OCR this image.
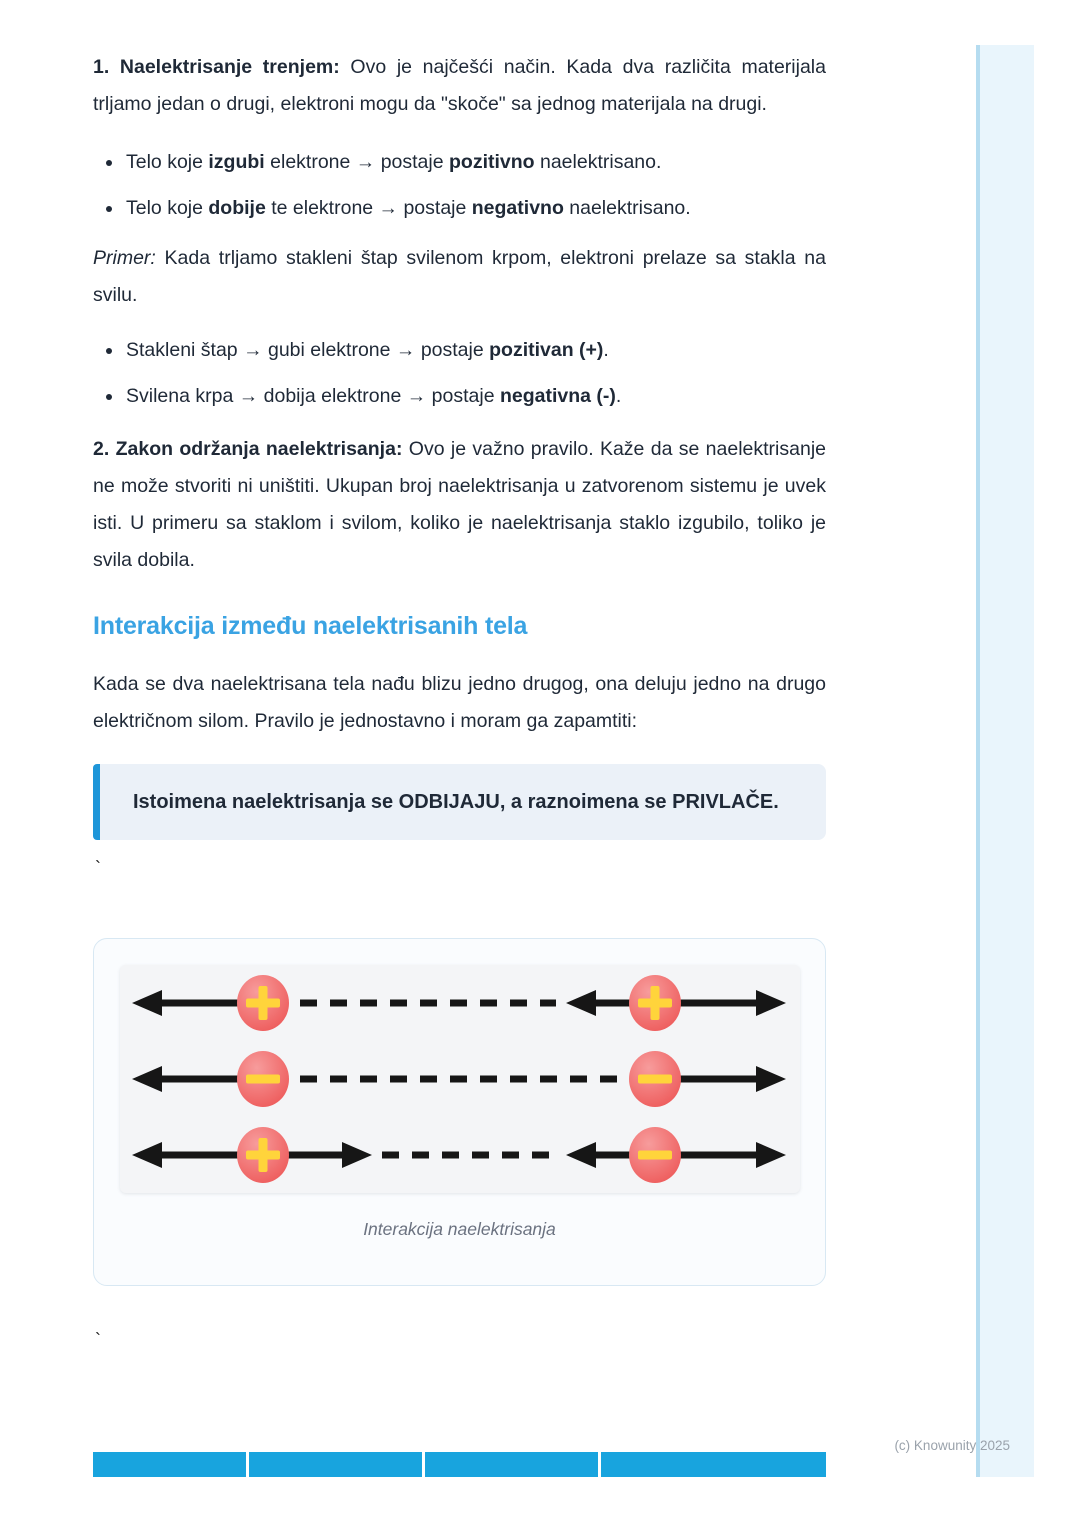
1. Naelektrisanje trenjem: Ovo je najčešći način. Kada dva različita materijala trljamo jedan o drugi, elektroni mogu da "skoče" sa jednog materijala na drugi.

• Telo koje izgubi elektrone → postaje pozitivno naelektrisano.
• Telo koje dobije te elektrone → postaje negativno naelektrisano.

Primer: Kada trljamo stakleni štap svilenom krpom, elektroni prelaze sa stakla na svilu.

• Stakleni štap → gubi elektrone → postaje pozitivan (+).
• Svilena krpa → dobija elektrone → postaje negativna (-).

2. Zakon održanja naelektrisanja: Ovo je važno pravilo. Kaže da se naelektrisanje ne može stvoriti ni uništiti. Ukupan broj naelektrisanja u zatvorenom sistemu je uvek isti. U primeru sa staklom i svilom, koliko je naelektrisanja staklo izgubilo, toliko je svila dobila.

Interakcija između naelektrisanih tela

Kada se dva naelektrisana tela nađu blizu jedno drugog, ona deluju jedno na drugo električnom silom. Pravilo je jednostavno i moram ga zapamtiti:

Istoimena naelektrisanja se ODBIJAJU, a raznoimena se PRIVLAČE.
`
Interakcija naelektrisanja
`
(c) Knowunity 2025
